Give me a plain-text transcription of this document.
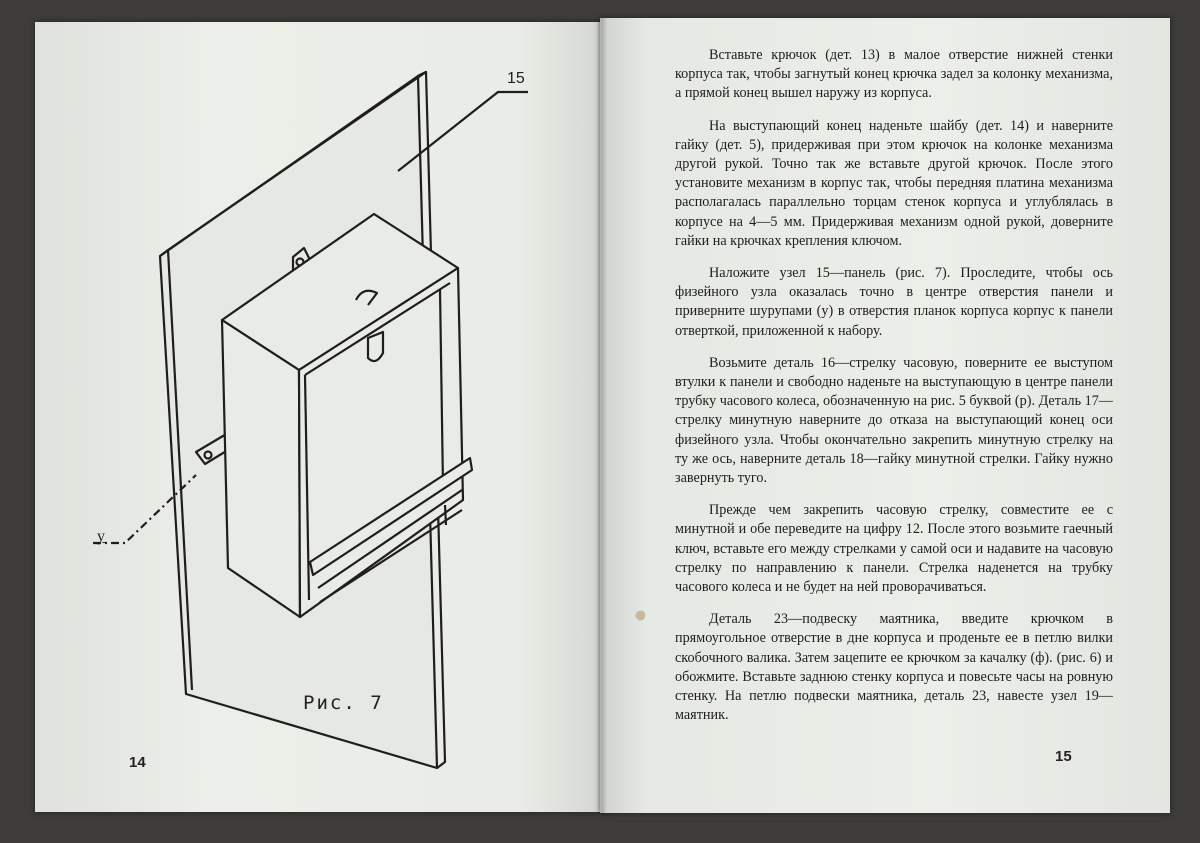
15
у
Рис. 7
14

Вставьте крючок (дет. 13) в малое отверстие нижней стенки корпуса так, чтобы загнутый конец крючка задел за колонку механизма, а прямой конец вышел наружу из корпуса.

На выступающий конец наденьте шайбу (дет. 14) и наверните гайку (дет. 5), придерживая при этом крючок на колонке механизма другой рукой. Точно так же вставьте другой крючок. После этого установите механизм в корпус так, чтобы передняя платина механизма располагалась параллельно торцам стенок корпуса и углублялась в корпусе на 4—5 мм. Придерживая механизм одной рукой, доверните гайки на крючках крепления ключом.

Наложите узел 15—панель (рис. 7). Проследите, чтобы ось физейного узла оказалась точно в центре отверстия панели и приверните шурупами (у) в отверстия планок корпуса корпус к панели отверткой, приложенной к набору.

Возьмите деталь 16—стрелку часовую, поверните ее выступом втулки к панели и свободно наденьте на выступающую в центре панели трубку часового колеса, обозначенную на рис. 5 буквой (р). Деталь 17—стрелку минутную наверните до отказа на выступающий конец оси физейного узла. Чтобы окончательно закрепить минутную стрелку на ту же ось, наверните деталь 18—гайку минутной стрелки. Гайку нужно завернуть туго.

Прежде чем закрепить часовую стрелку, совместите ее с минутной и обе переведите на цифру 12. После этого возьмите гаечный ключ, вставьте его между стрелками у самой оси и надавите на часовую стрелку по направлению к панели. Стрелка наденется на трубку часового колеса и не будет на ней проворачиваться.

Деталь 23—подвеску маятника, введите крючком в прямоугольное отверстие в дне корпуса и проденьте ее в петлю вилки скобочного валика. Затем зацепите ее крючком за качалку (ф). (рис. 6) и обожмите. Вставьте заднюю стенку корпуса и повесьте часы на ровную стенку. На петлю подвески маятника, деталь 23, навесте узел 19—маятник.

15
